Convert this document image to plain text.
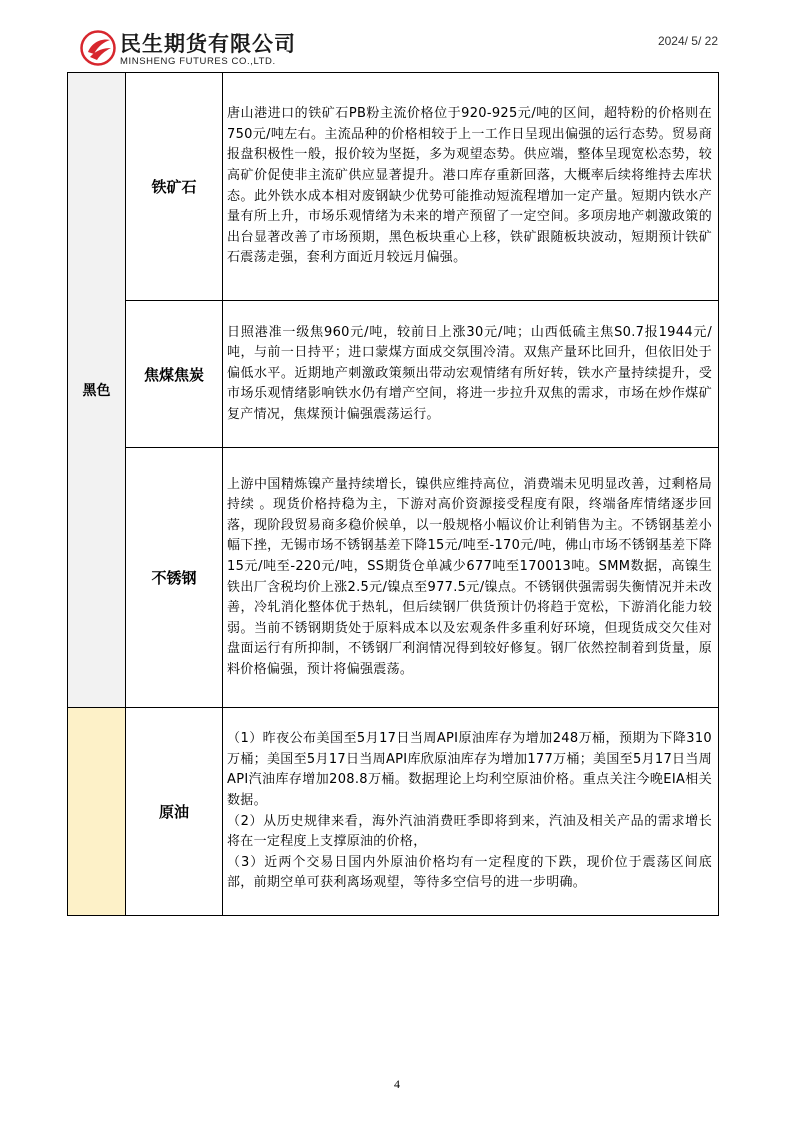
民生期货有限公司
MINSHENG FUTURES CO.,LTD.
2024/ 5/ 22
黑色	铁矿石	唐山港进口的铁矿石PB粉主流价格位于920-925元/吨的区间，超特粉的价格则在750元/吨左右。主流品种的价格相较于上一工作日呈现出偏强的运行态势。贸易商报盘积极性一般，报价较为坚挺，多为观望态势。供应端，整体呈现宽松态势，较高矿价促使非主流矿供应显著提升。港口库存重新回落，大概率后续将维持去库状态。此外铁水成本相对废钢缺少优势可能推动短流程增加一定产量。短期内铁水产量有所上升，市场乐观情绪为未来的增产预留了一定空间。多项房地产刺激政策的出台显著改善了市场预期，黑色板块重心上移，铁矿跟随板块波动，短期预计铁矿石震荡走强，套利方面近月较远月偏强。
	焦煤焦炭	日照港准一级焦960元/吨，较前日上涨30元/吨；山西低硫主焦S0.7报1944元/吨，与前一日持平；进口蒙煤方面成交氛围冷清。双焦产量环比回升，但依旧处于偏低水平。近期地产刺激政策频出带动宏观情绪有所好转，铁水产量持续提升，受市场乐观情绪影响铁水仍有增产空间，将进一步拉升双焦的需求，市场在炒作煤矿复产情况，焦煤预计偏强震荡运行。
	不锈钢	上游中国精炼镍产量持续增长，镍供应维持高位，消费端未见明显改善，过剩格局持续 。现货价格持稳为主，下游对高价资源接受程度有限，终端备库情绪逐步回落，现阶段贸易商多稳价候单，以一般规格小幅议价让利销售为主。不锈钢基差小幅下挫，无锡市场不锈钢基差下降15元/吨至-170元/吨，佛山市场不锈钢基差下降15元/吨至-220元/吨，SS期货仓单减少677吨至170013吨。SMM数据，高镍生铁出厂含税均价上涨2.5元/镍点至977.5元/镍点。不锈钢供强需弱失衡情况并未改善，冷轧消化整体优于热轧，但后续钢厂供货预计仍将趋于宽松，下游消化能力较弱。当前不锈钢期货处于原料成本以及宏观条件多重利好环境，但现货成交欠佳对盘面运行有所抑制，不锈钢厂利润情况得到较好修复。钢厂依然控制着到货量，原料价格偏强，预计将偏强震荡。
	原油	（1）昨夜公布美国至5月17日当周API原油库存为增加248万桶，预期为下降310万桶；美国至5月17日当周API库欣原油库存为增加177万桶；美国至5月17日当周API汽油库存增加208.8万桶。数据理论上均利空原油价格。重点关注今晚EIA相关数据。
（2）从历史规律来看，海外汽油消费旺季即将到来，汽油及相关产品的需求增长将在一定程度上支撑原油的价格，
（3）近两个交易日国内外原油价格均有一定程度的下跌，现价位于震荡区间底部，前期空单可获利离场观望，等待多空信号的进一步明确。
4
